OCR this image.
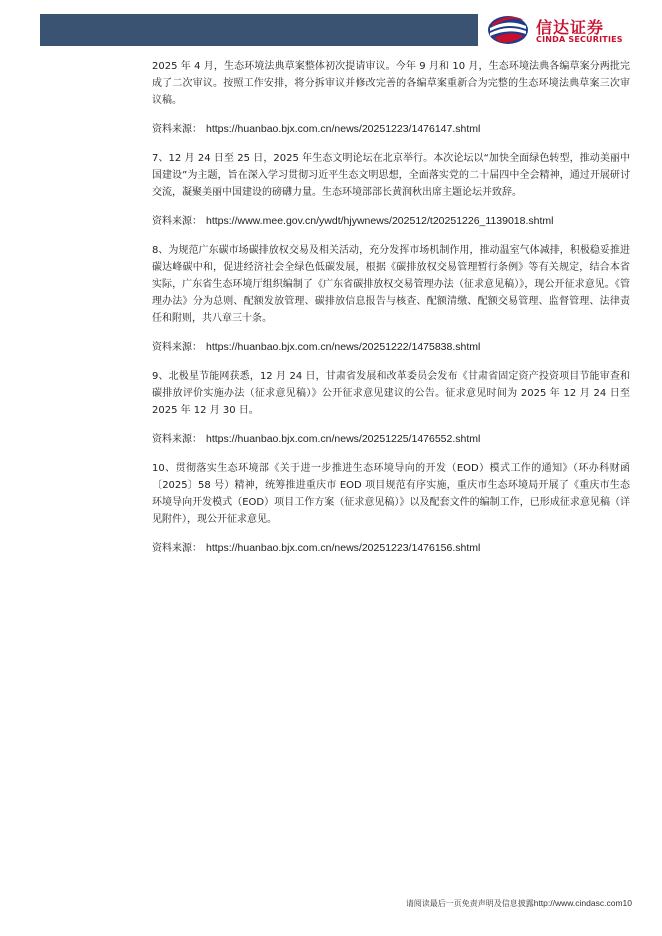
信达证券
CINDA SECURITIES

2025 年 4 月，生态环境法典草案整体初次提请审议。今年 9 月和 10 月，生态环境法典各编草案分两批完成了二次审议。按照工作安排，将分拆审议并修改完善的各编草案重新合为完整的生态环境法典草案三次审议稿。

资料来源： https://huanbao.bjx.com.cn/news/20251223/1476147.shtml

7、12 月 24 日至 25 日，2025 年生态文明论坛在北京举行。本次论坛以“加快全面绿色转型，推动美丽中国建设”为主题，旨在深入学习贯彻习近平生态文明思想，全面落实党的二十届四中全会精神，通过开展研讨交流，凝聚美丽中国建设的磅礴力量。生态环境部部长黄润秋出席主题论坛并致辞。

资料来源： https://www.mee.gov.cn/ywdt/hjywnews/202512/t20251226_1139018.shtml

8、为规范广东碳市场碳排放权交易及相关活动，充分发挥市场机制作用，推动温室气体减排，积极稳妥推进碳达峰碳中和，促进经济社会全绿色低碳发展，根据《碳排放权交易管理暂行条例》等有关规定，结合本省实际，广东省生态环境厅组织编制了《广东省碳排放权交易管理办法（征求意见稿）》，现公开征求意见。《管理办法》分为总则、配额发放管理、碳排放信息报告与核查、配额清缴、配额交易管理、监督管理、法律责任和附则，共八章三十条。

资料来源： https://huanbao.bjx.com.cn/news/20251222/1475838.shtml

9、北极星节能网获悉，12 月 24 日，甘肃省发展和改革委员会发布《甘肃省固定资产投资项目节能审查和碳排放评价实施办法（征求意见稿）》公开征求意见建议的公告。征求意见时间为 2025 年 12 月 24 日至 2025 年 12 月 30 日。

资料来源： https://huanbao.bjx.com.cn/news/20251225/1476552.shtml

10、贯彻落实生态环境部《关于进一步推进生态环境导向的开发（EOD）模式工作的通知》（环办科财函〔2025〕58 号）精神，统筹推进重庆市 EOD 项目规范有序实施，重庆市生态环境局开展了《重庆市生态环境导向开发模式（EOD）项目工作方案（征求意见稿）》以及配套文件的编制工作，已形成征求意见稿（详见附件），现公开征求意见。

资料来源： https://huanbao.bjx.com.cn/news/20251223/1476156.shtml

请阅读最后一页免责声明及信息披露http://www.cindasc.com10
